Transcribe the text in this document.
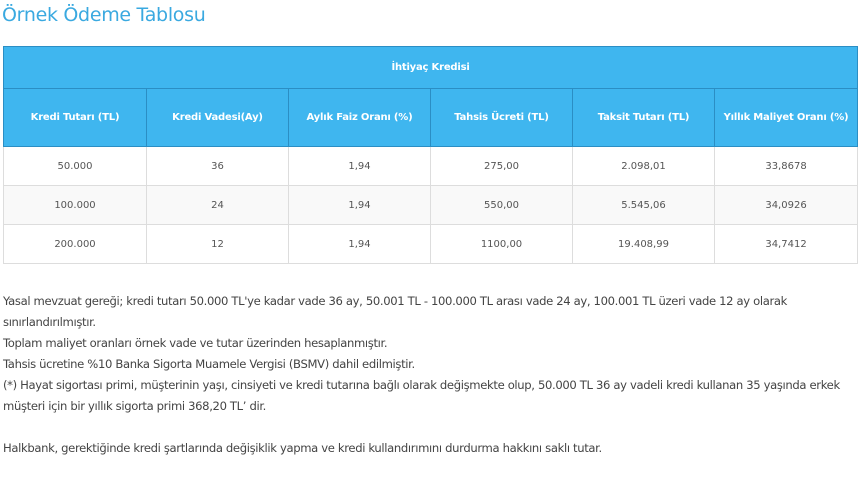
Örnek Ödeme Tablosu
İhtiyaç Kredisi					
Kredi Tutarı (TL)	Kredi Vadesi(Ay)	Aylık Faiz Oranı (%)	Tahsis Ücreti (TL)	Taksit Tutarı (TL)	Yıllık Maliyet Oranı (%)
50.000	36	1,94	275,00	2.098,01	33,8678
100.000	24	1,94	550,00	5.545,06	34,0926
200.000	12	1,94	1100,00	19.408,99	34,7412

Yasal mevzuat gereği; kredi tutarı 50.000 TL'ye kadar vade 36 ay, 50.001 TL - 100.000 TL arası vade 24 ay, 100.001 TL üzeri vade 12 ay olarak sınırlandırılmıştır.

Toplam maliyet oranları örnek vade ve tutar üzerinden hesaplanmıştır.

Tahsis ücretine %10 Banka Sigorta Muamele Vergisi (BSMV) dahil edilmiştir.

(*) Hayat sigortası primi, müşterinin yaşı, cinsiyeti ve kredi tutarına bağlı olarak değişmekte olup, 50.000 TL 36 ay vadeli kredi kullanan 35 yaşında erkek müşteri için bir yıllık sigorta primi 368,20 TL’ dir.

Halkbank, gerektiğinde kredi şartlarında değişiklik yapma ve kredi kullandırımını durdurma hakkını saklı tutar.
